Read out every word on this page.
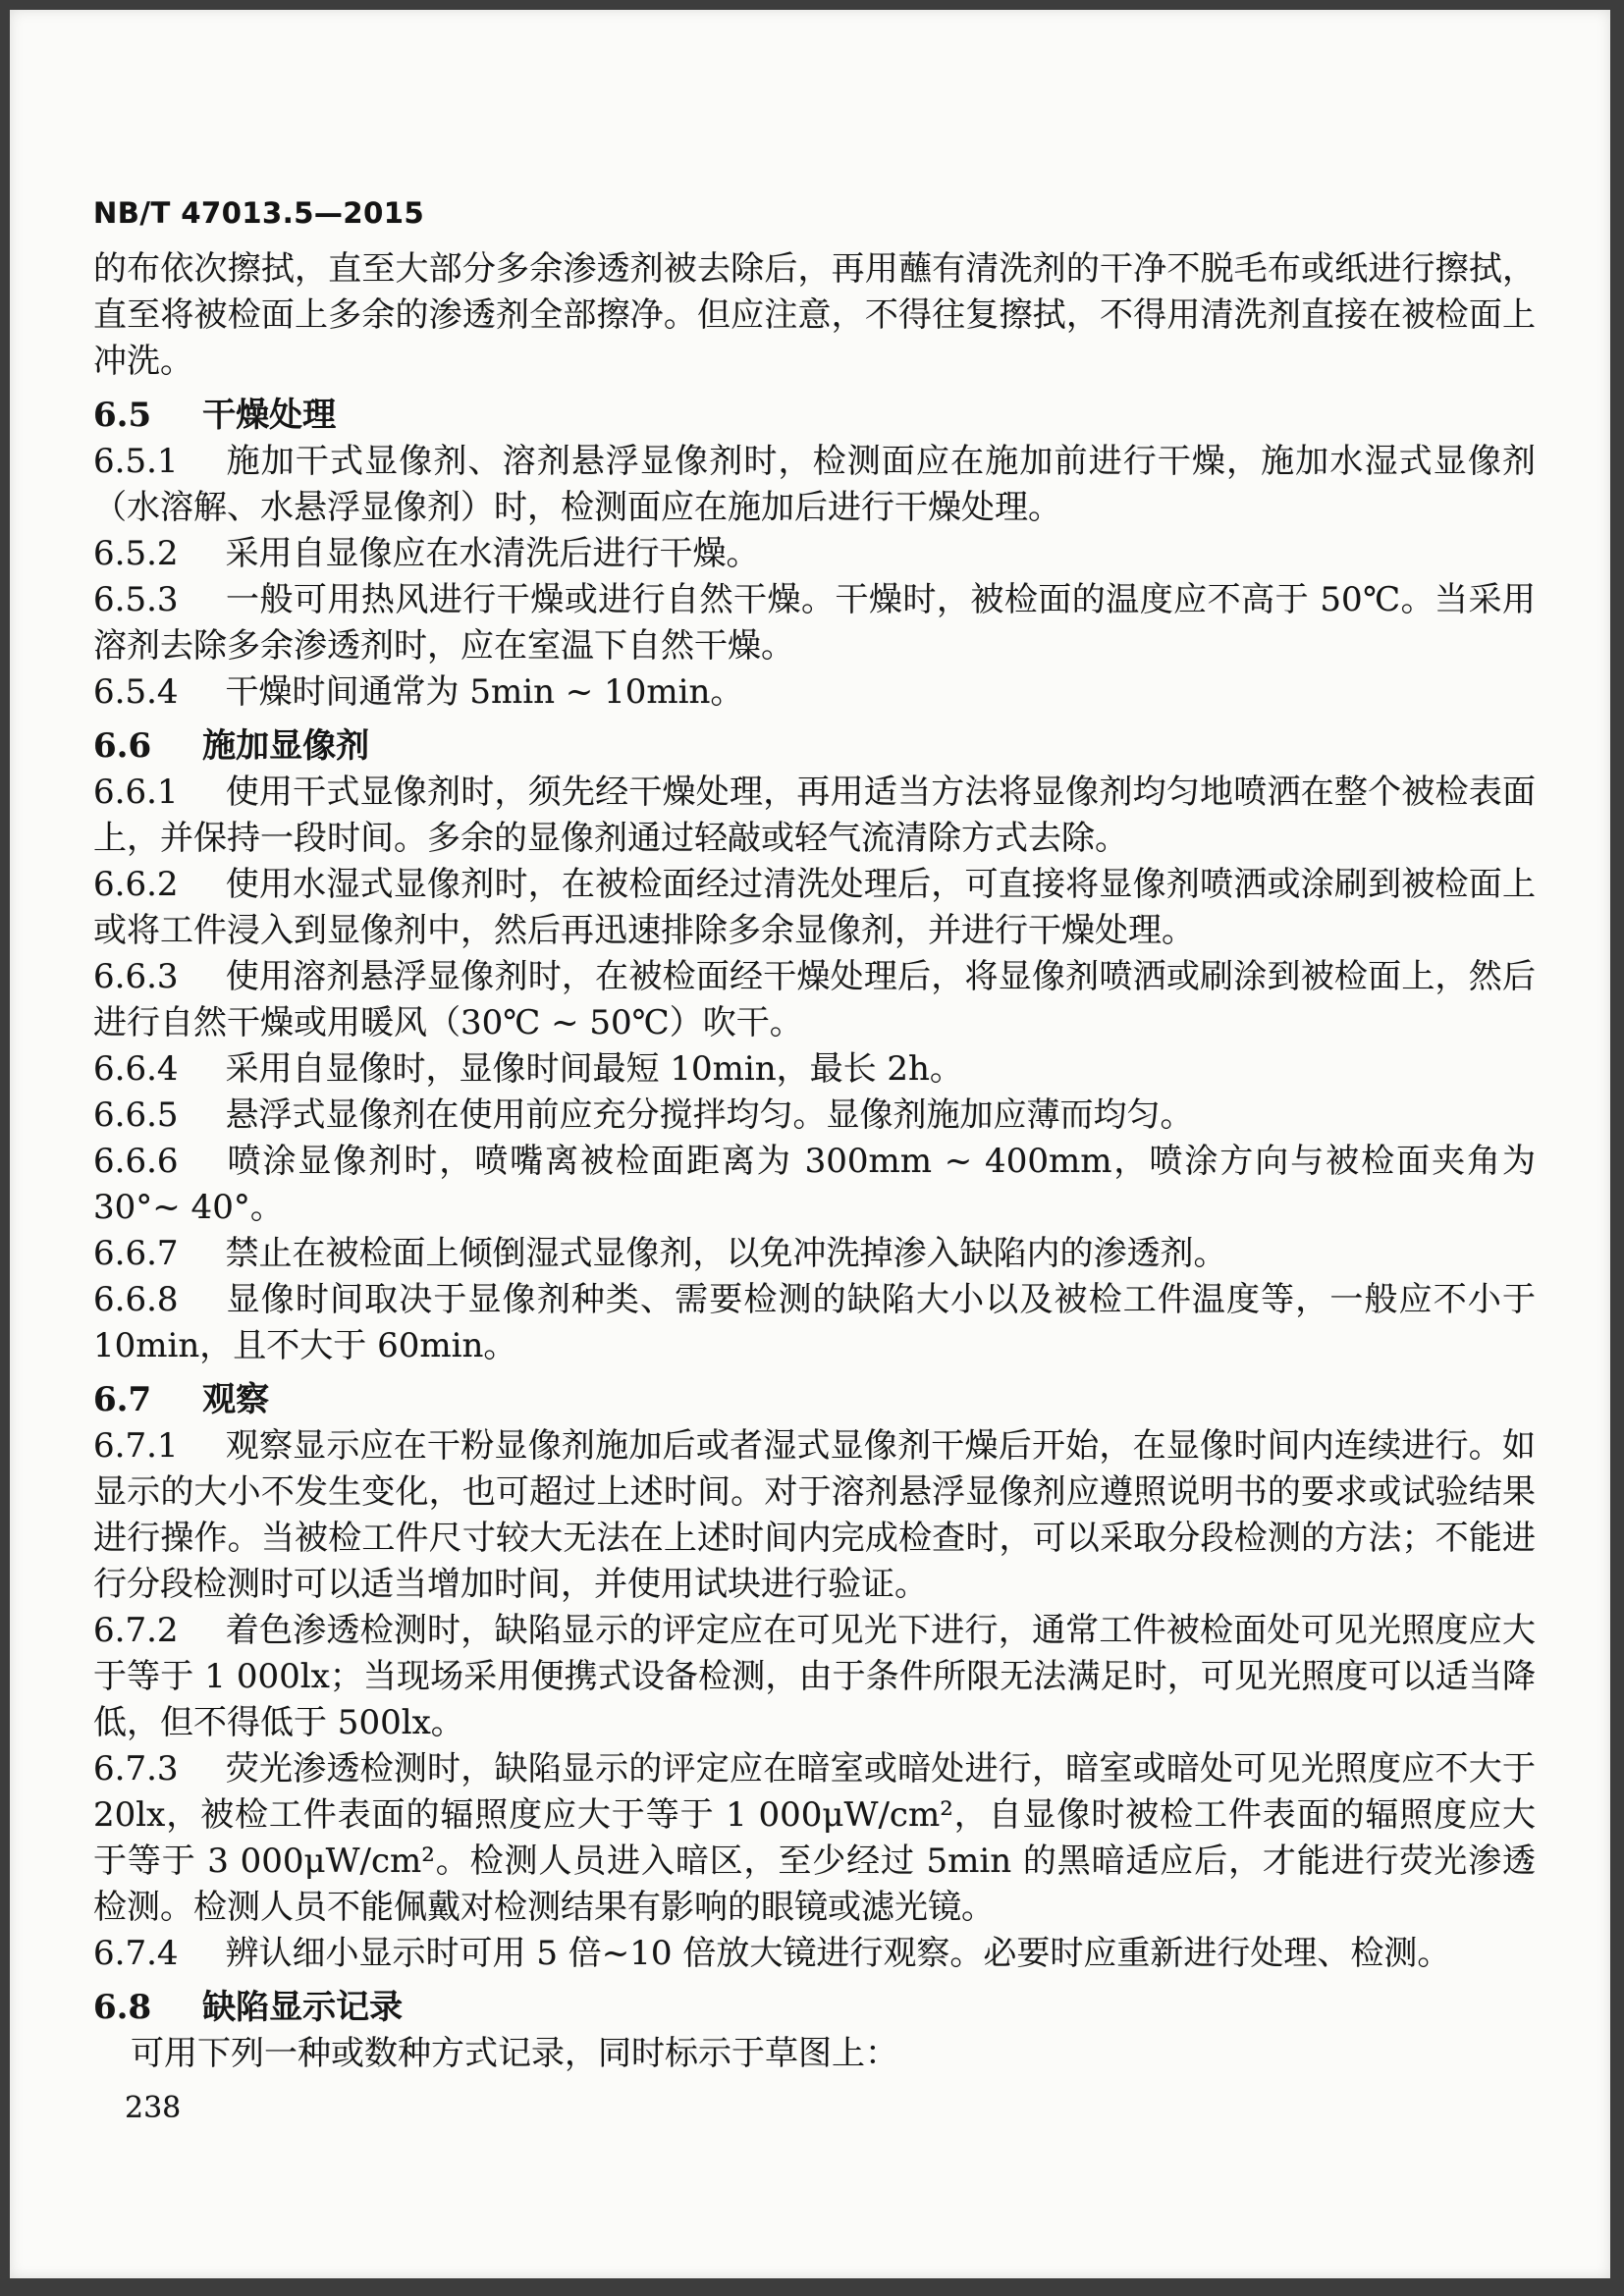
NB/T 47013.5—2015

的布依次擦拭，直至大部分多余渗透剂被去除后，再用蘸有清洗剂的干净不脱毛布或纸进行擦拭，直至将被检面上多余的渗透剂全部擦净。但应注意，不得往复擦拭，不得用清洗剂直接在被检面上冲洗。

6.5 干燥处理

6.5.1 施加干式显像剂、溶剂悬浮显像剂时，检测面应在施加前进行干燥，施加水湿式显像剂（水溶解、水悬浮显像剂）时，检测面应在施加后进行干燥处理。

6.5.2 采用自显像应在水清洗后进行干燥。

6.5.3 一般可用热风进行干燥或进行自然干燥。干燥时，被检面的温度应不高于 50℃。当采用溶剂去除多余渗透剂时，应在室温下自然干燥。

6.5.4 干燥时间通常为 5min ~ 10min。

6.6 施加显像剂

6.6.1 使用干式显像剂时，须先经干燥处理，再用适当方法将显像剂均匀地喷洒在整个被检表面上，并保持一段时间。多余的显像剂通过轻敲或轻气流清除方式去除。

6.6.2 使用水湿式显像剂时，在被检面经过清洗处理后，可直接将显像剂喷洒或涂刷到被检面上或将工件浸入到显像剂中，然后再迅速排除多余显像剂，并进行干燥处理。

6.6.3 使用溶剂悬浮显像剂时，在被检面经干燥处理后，将显像剂喷洒或刷涂到被检面上，然后进行自然干燥或用暖风（30℃ ~ 50℃）吹干。

6.6.4 采用自显像时，显像时间最短 10min，最长 2h。

6.6.5 悬浮式显像剂在使用前应充分搅拌均匀。显像剂施加应薄而均匀。

6.6.6 喷涂显像剂时，喷嘴离被检面距离为 300mm ~ 400mm，喷涂方向与被检面夹角为 30°~ 40°。

6.6.7 禁止在被检面上倾倒湿式显像剂，以免冲洗掉渗入缺陷内的渗透剂。

6.6.8 显像时间取决于显像剂种类、需要检测的缺陷大小以及被检工件温度等，一般应不小于 10min，且不大于 60min。

6.7 观察

6.7.1 观察显示应在干粉显像剂施加后或者湿式显像剂干燥后开始，在显像时间内连续进行。如显示的大小不发生变化，也可超过上述时间。对于溶剂悬浮显像剂应遵照说明书的要求或试验结果进行操作。当被检工件尺寸较大无法在上述时间内完成检查时，可以采取分段检测的方法；不能进行分段检测时可以适当增加时间，并使用试块进行验证。

6.7.2 着色渗透检测时，缺陷显示的评定应在可见光下进行，通常工件被检面处可见光照度应大于等于 1 000lx；当现场采用便携式设备检测，由于条件所限无法满足时，可见光照度可以适当降低，但不得低于 500lx。

6.7.3 荧光渗透检测时，缺陷显示的评定应在暗室或暗处进行，暗室或暗处可见光照度应不大于 20lx，被检工件表面的辐照度应大于等于 1 000μW/cm²，自显像时被检工件表面的辐照度应大于等于 3 000μW/cm²。检测人员进入暗区，至少经过 5min 的黑暗适应后，才能进行荧光渗透检测。检测人员不能佩戴对检测结果有影响的眼镜或滤光镜。

6.7.4 辨认细小显示时可用 5 倍~10 倍放大镜进行观察。必要时应重新进行处理、检测。

6.8 缺陷显示记录

可用下列一种或数种方式记录，同时标示于草图上：

238
